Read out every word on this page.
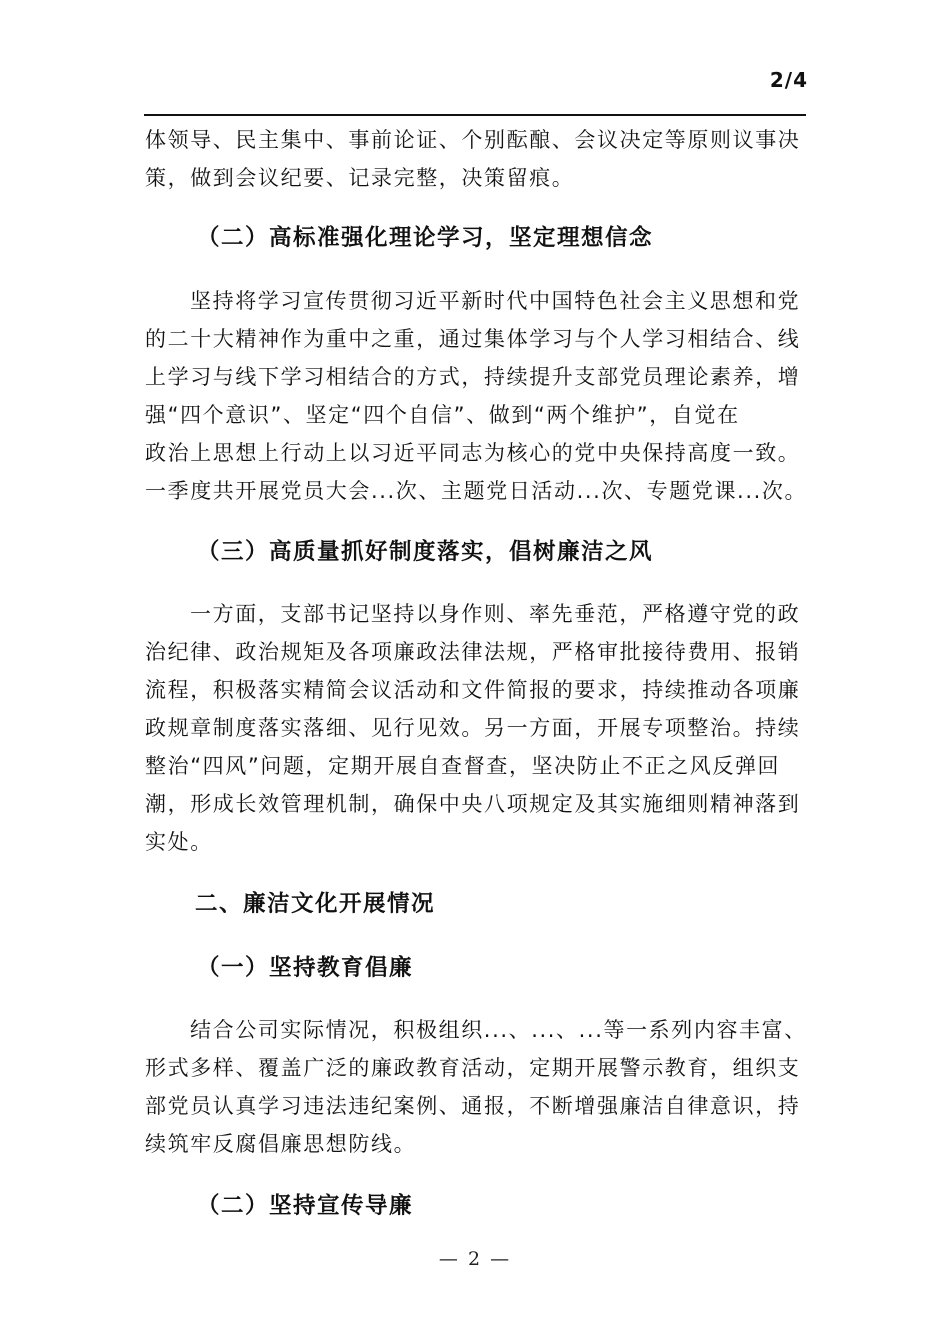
2/4
体领导、民主集中、事前论证、个别酝酿、会议决定等原则议事决
策，做到会议纪要、记录完整，决策留痕。
（二）高标准强化理论学习，坚定理想信念
坚持将学习宣传贯彻习近平新时代中国特色社会主义思想和党
的二十大精神作为重中之重，通过集体学习与个人学习相结合、线
上学习与线下学习相结合的方式，持续提升支部党员理论素养，增
强“四个意识”、坚定“四个自信”、做到“两个维护”，自觉在
政治上思想上行动上以习近平同志为核心的党中央保持高度一致。
一季度共开展党员大会...次、主题党日活动...次、专题党课...次。
（三）高质量抓好制度落实，倡树廉洁之风
一方面，支部书记坚持以身作则、率先垂范，严格遵守党的政
治纪律、政治规矩及各项廉政法律法规，严格审批接待费用、报销
流程，积极落实精简会议活动和文件简报的要求，持续推动各项廉
政规章制度落实落细、见行见效。另一方面，开展专项整治。持续
整治“四风”问题，定期开展自查督查，坚决防止不正之风反弹回
潮，形成长效管理机制，确保中央八项规定及其实施细则精神落到
实处。
二、廉洁文化开展情况
（一）坚持教育倡廉
结合公司实际情况，积极组织...、...、...等一系列内容丰富、
形式多样、覆盖广泛的廉政教育活动，定期开展警示教育，组织支
部党员认真学习违法违纪案例、通报，不断增强廉洁自律意识，持
续筑牢反腐倡廉思想防线。
（二）坚持宣传导廉
— 2 —
